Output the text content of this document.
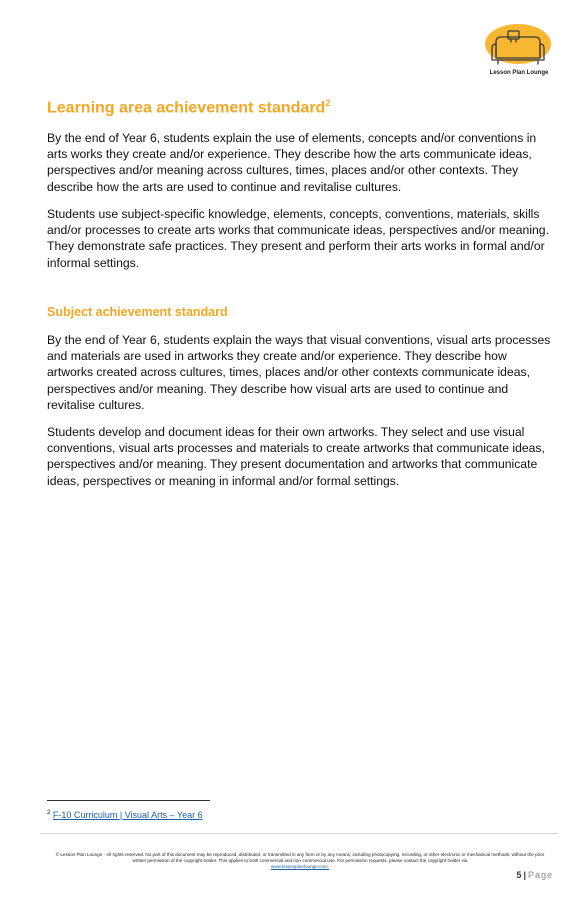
Lesson Plan Lounge
Learning area achievement standard$^2$

By the end of Year 6, students explain the use of elements, concepts and/or conventions in arts works they create and/or experience. They describe how the arts communicate ideas, perspectives and/or meaning across cultures, times, places and/or other contexts. They describe how the arts are used to continue and revitalise cultures.

Students use subject-specific knowledge, elements, concepts, conventions, materials, skills and/or processes to create arts works that communicate ideas, perspectives and/or meaning. They demonstrate safe practices. They present and perform their arts works in formal and/or informal settings.

Subject achievement standard

By the end of Year 6, students explain the ways that visual conventions, visual arts processes and materials are used in artworks they create and/or experience. They describe how artworks created across cultures, times, places and/or other contexts communicate ideas, perspectives and/or meaning. They describe how visual arts are used to continue and revitalise cultures.

Students develop and document ideas for their own artworks. They select and use visual conventions, visual arts processes and materials to create artworks that communicate ideas, perspectives and/or meaning. They present documentation and artworks that communicate ideas, perspectives or meaning in informal and/or formal settings.

$^2$ F-10 Curriculum | Visual Arts – Year 6
© Lesson Plan Lounge - All rights reserved. No part of this document may be reproduced, distributed, or transmitted in any form or by any means, including photocopying, recording, or other electronic or mechanical methods, without the prior written permission of the copyright holder. This applies to both commercial and non-commercial use. For permission requests, please contact the copyright holder via
www.lessonplanlounge.com.
5 | Page
